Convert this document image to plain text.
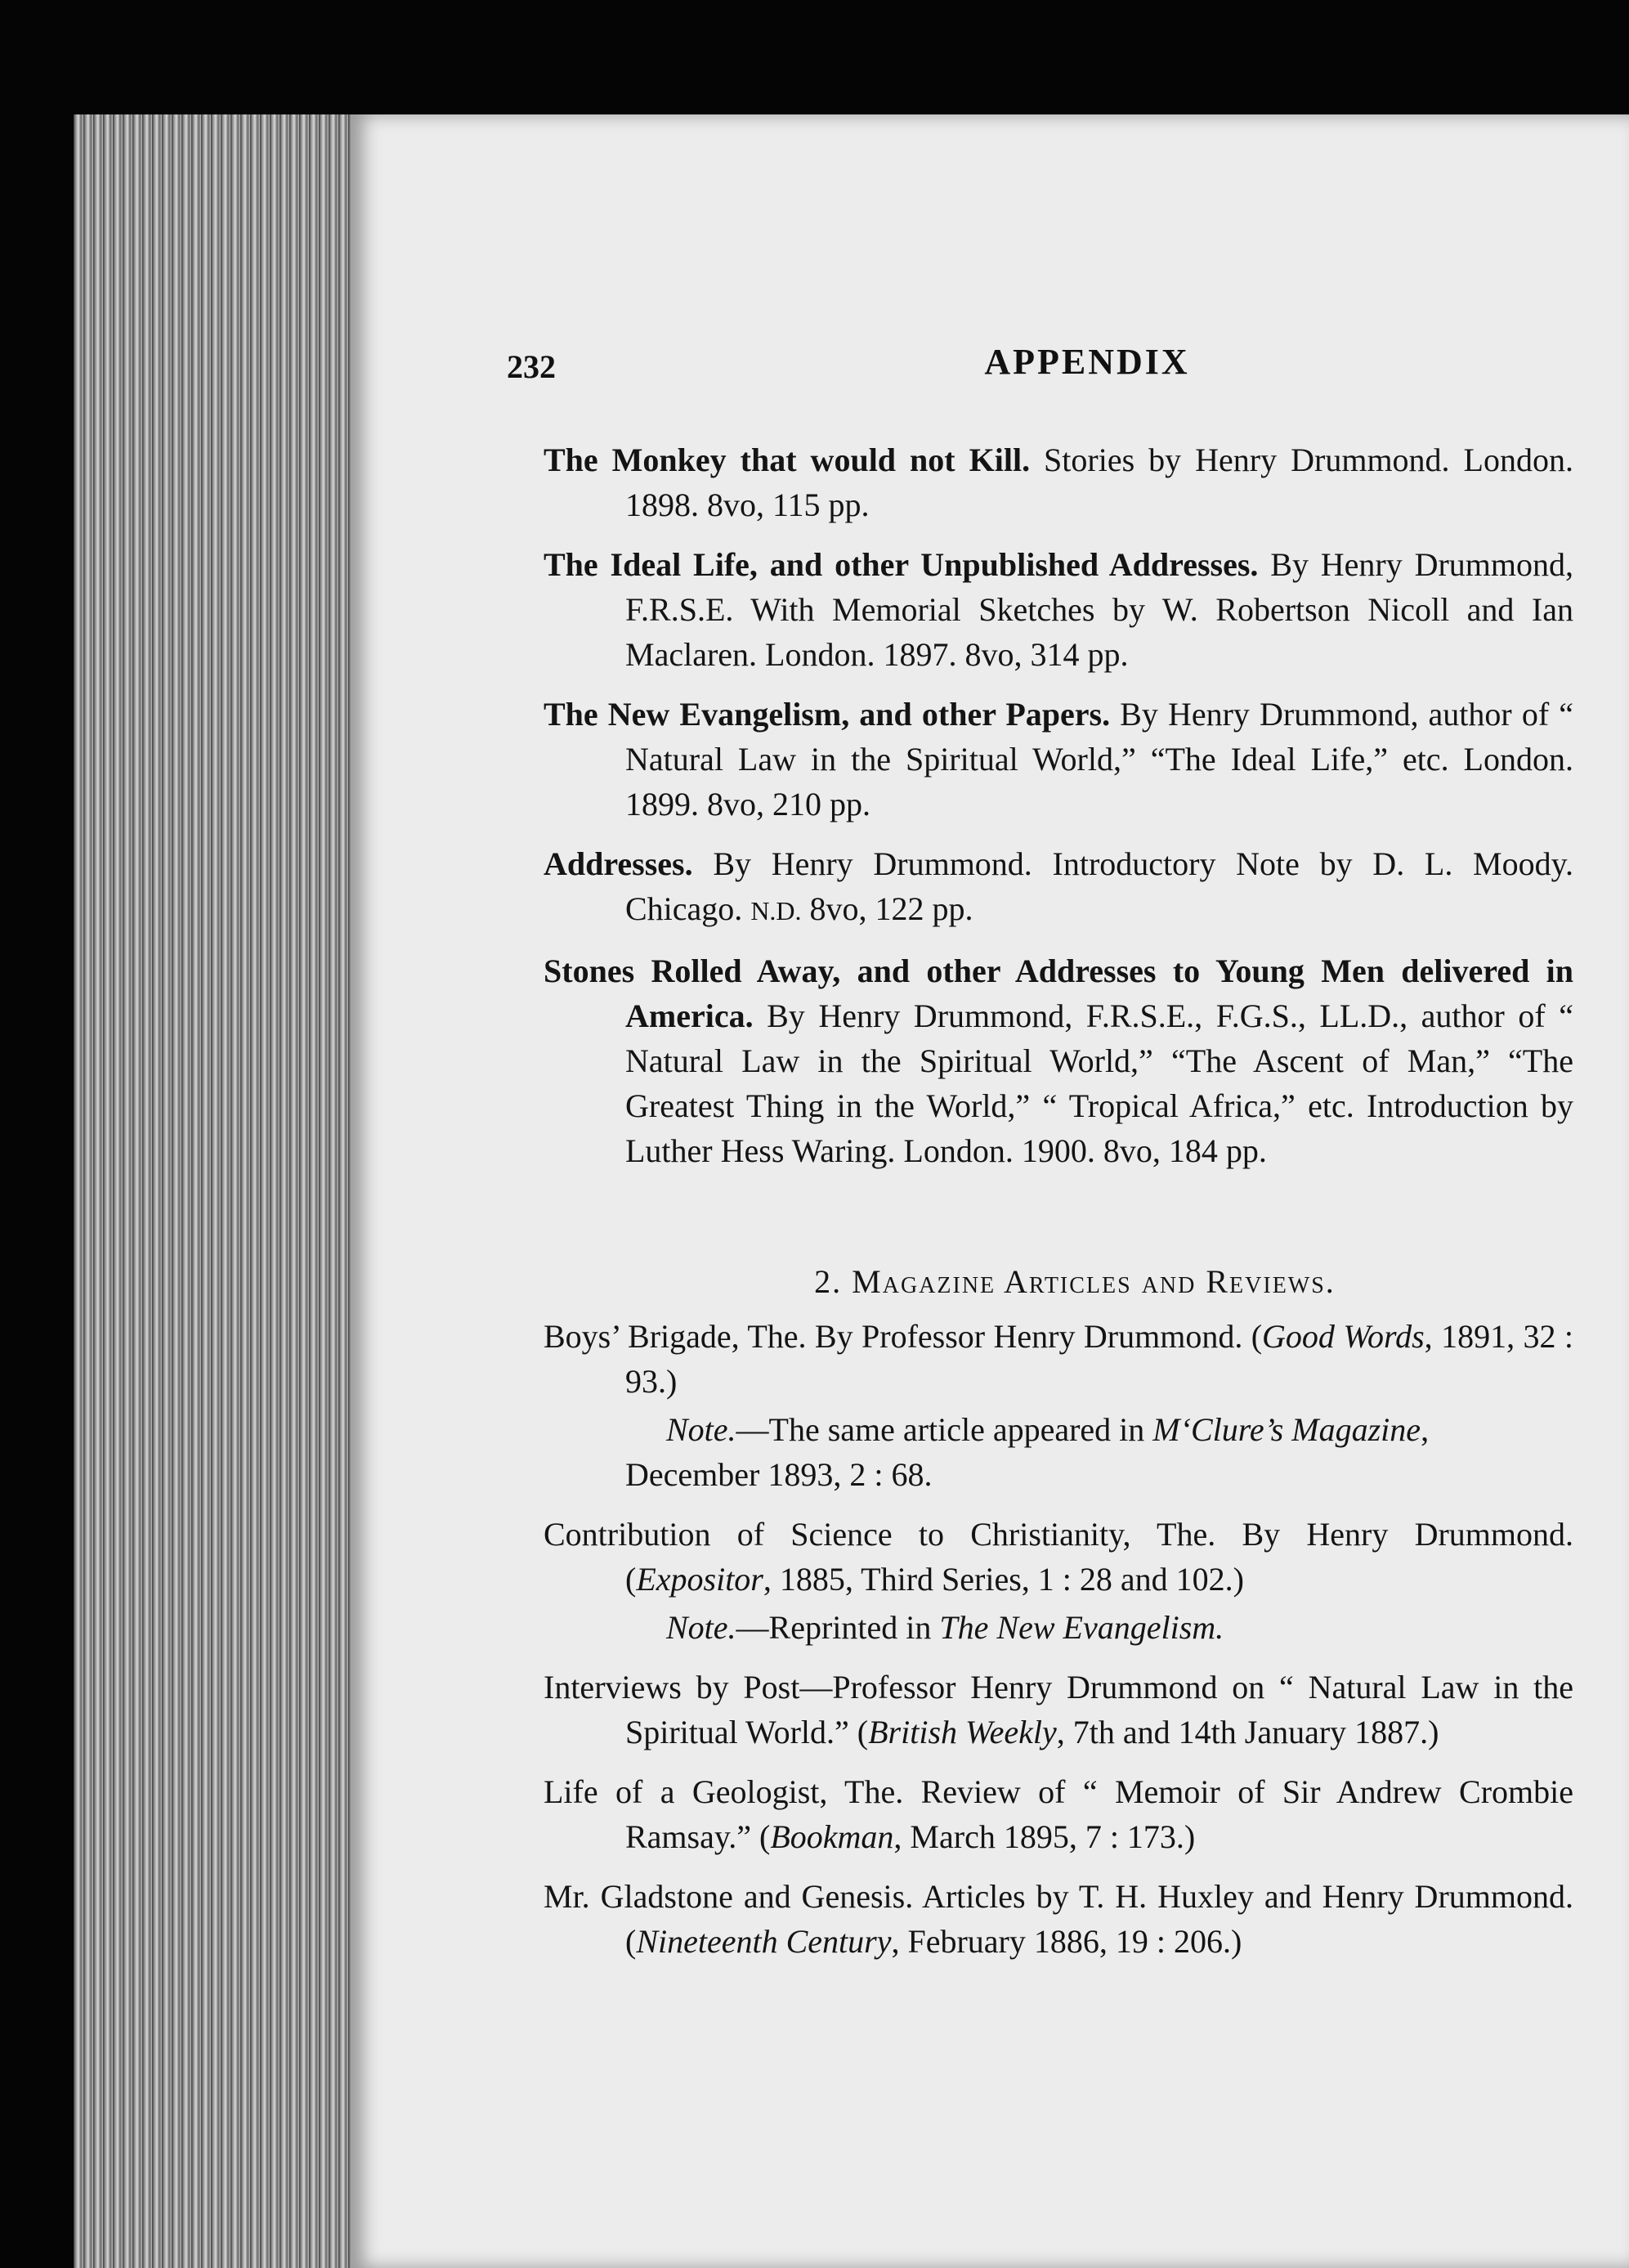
232	APPENDIX

The Monkey that would not Kill. Stories by Henry Drummond. London. 1898. 8vo, 115 pp.

The Ideal Life, and other Unpublished Addresses. By Henry Drummond, F.R.S.E. With Memorial Sketches by W. Robertson Nicoll and Ian Maclaren. London. 1897. 8vo, 314 pp.

The New Evangelism, and other Papers. By Henry Drummond, author of “ Natural Law in the Spiritual World,” “The Ideal Life,” etc. London. 1899. 8vo, 210 pp.

Addresses. By Henry Drummond. Introductory Note by D. L. Moody. Chicago. N.D. 8vo, 122 pp.

Stones Rolled Away, and other Addresses to Young Men delivered in America. By Henry Drummond, F.R.S.E., F.G.S., LL.D., author of “ Natural Law in the Spiritual World,” “The Ascent of Man,” “The Greatest Thing in the World,” “ Tropical Africa,” etc. Introduction by Luther Hess Waring. London. 1900. 8vo, 184 pp.

2. Magazine Articles and Reviews.

Boys’ Brigade, The. By Professor Henry Drummond. (Good Words, 1891, 32 : 93.)

Note.—The same article appeared in M‘Clure’s Magazine,

December 1893, 2 : 68.

Contribution of Science to Christianity, The. By Henry Drummond. (Expositor, 1885, Third Series, 1 : 28 and 102.)

Note.—Reprinted in The New Evangelism.

Interviews by Post—Professor Henry Drummond on “ Natural Law in the Spiritual World.” (British Weekly, 7th and 14th January 1887.)

Life of a Geologist, The. Review of “ Memoir of Sir Andrew Crombie Ramsay.” (Bookman, March 1895, 7 : 173.)

Mr. Gladstone and Genesis. Articles by T. H. Huxley and Henry Drummond. (Nineteenth Century, February 1886, 19 : 206.)
